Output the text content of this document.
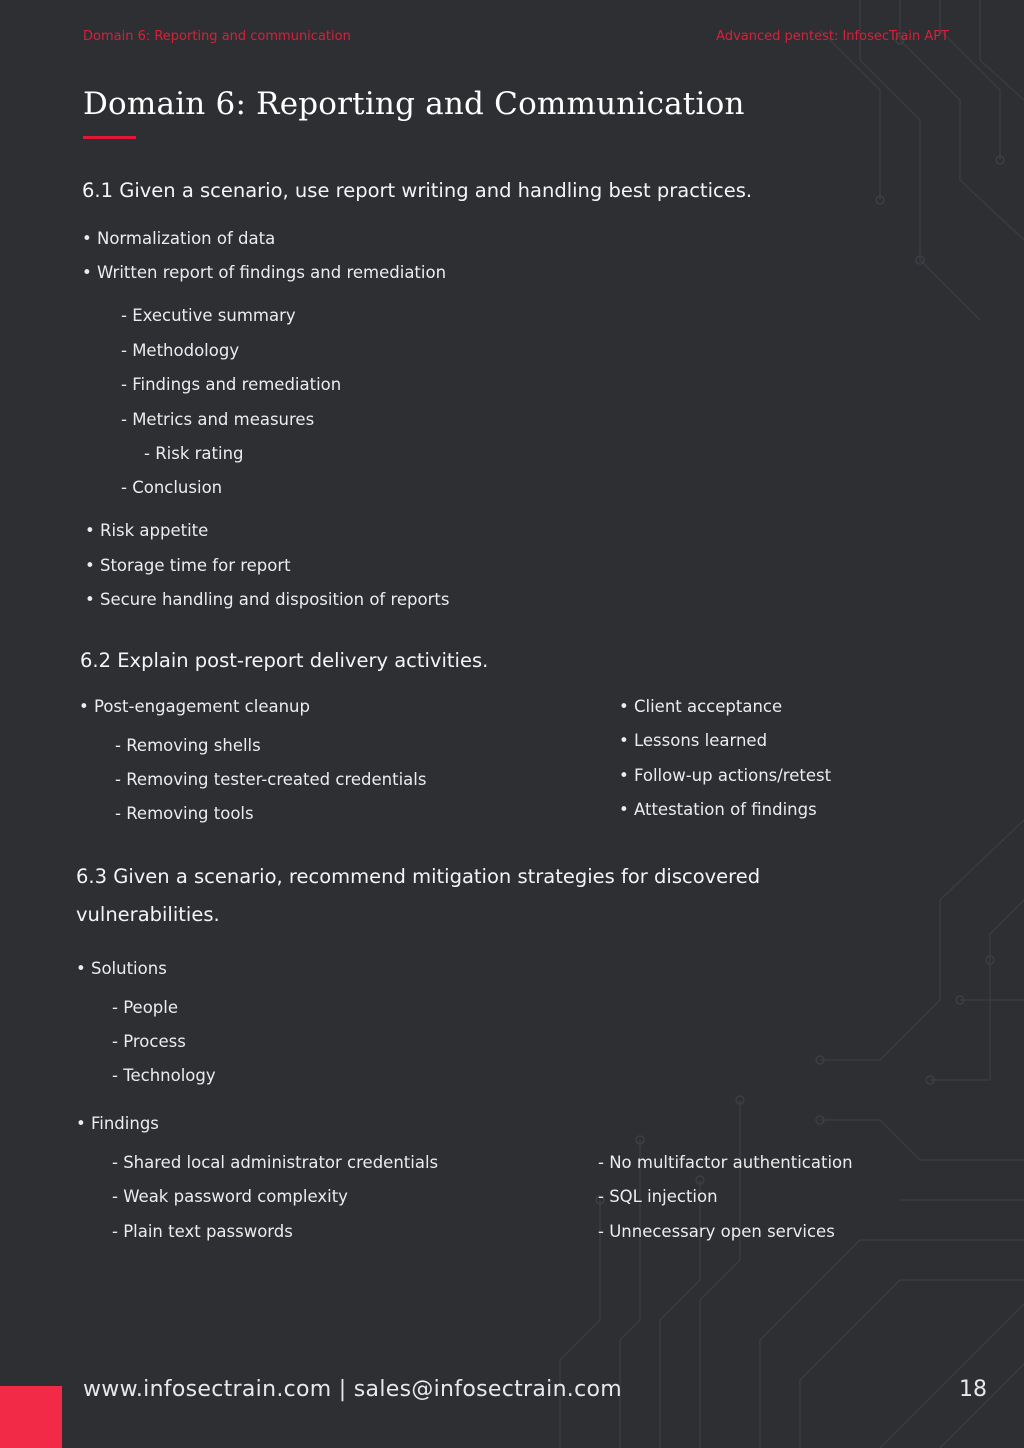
Domain 6: Reporting and communication	Advanced pentest: InfosecTrain APT
Domain 6: Reporting and Communication
6.1 Given a scenario, use report writing and handling best practices.
• Normalization of data
• Written report of findings and remediation
- Executive summary
- Methodology
- Findings and remediation
- Metrics and measures
- Risk rating
- Conclusion
• Risk appetite
• Storage time for report
• Secure handling and disposition of reports
6.2 Explain post-report delivery activities.
• Post-engagement cleanup
- Removing shells
- Removing tester-created credentials
- Removing tools
• Client acceptance
• Lessons learned
• Follow-up actions/retest
• Attestation of findings
6.3 Given a scenario, recommend mitigation strategies for discovered
vulnerabilities.
• Solutions
- People
- Process
- Technology
• Findings
- Shared local administrator credentials
- Weak password complexity
- Plain text passwords
- No multifactor authentication
- SQL injection
- Unnecessary open services
www.infosectrain.com | sales@infosectrain.com	18
